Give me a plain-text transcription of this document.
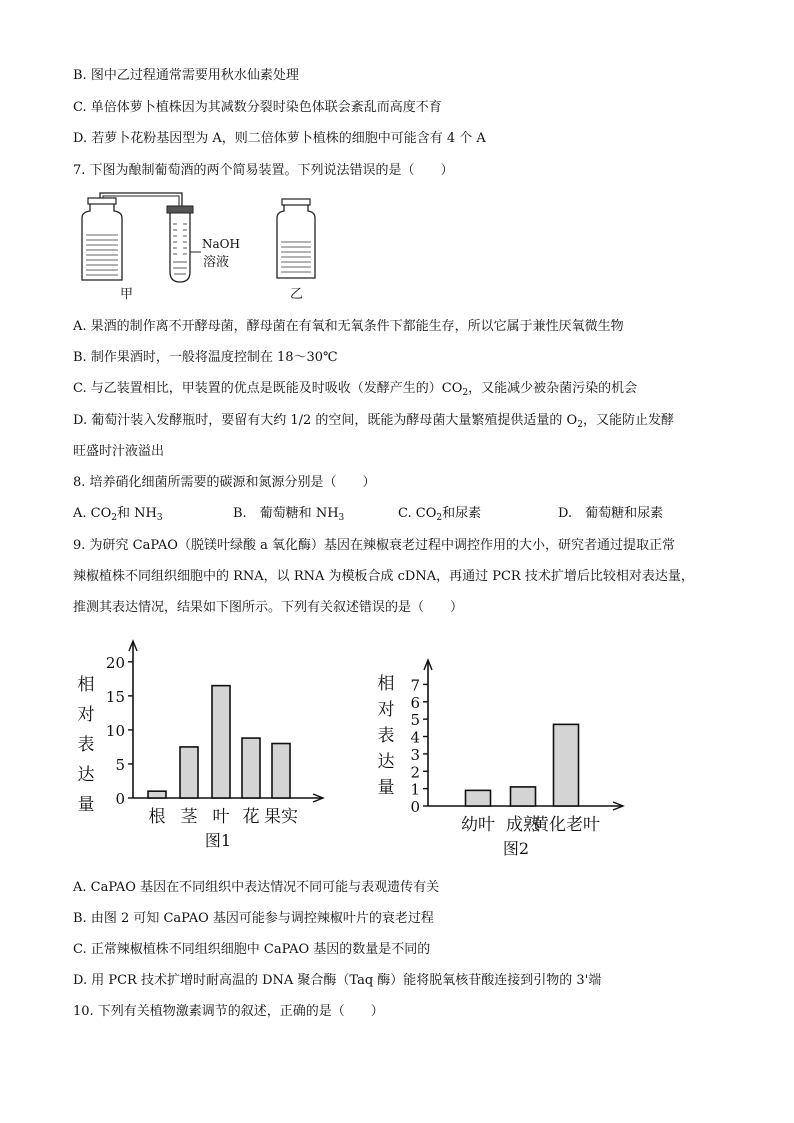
B. 图中乙过程通常需要用秋水仙素处理
C. 单倍体萝卜植株因为其减数分裂时染色体联会紊乱而高度不育
D. 若萝卜花粉基因型为 A，则二倍体萝卜植株的细胞中可能含有 4 个 A
7. 下图为酿制葡萄酒的两个简易装置。下列说法错误的是（　　）
NaOH
溶液
甲	乙
A. 果酒的制作离不开酵母菌，酵母菌在有氧和无氧条件下都能生存，所以它属于兼性厌氧微生物
B. 制作果酒时，一般将温度控制在 18～30℃
C. 与乙装置相比，甲装置的优点是既能及时吸收（发酵产生的）$CO_2$，又能减少被杂菌污染的机会
D. 葡萄汁装入发酵瓶时，要留有大约 1/2 的空间，既能为酵母菌大量繁殖提供适量的 $O_2$，又能防止发酵
旺盛时汁液溢出
8. 培养硝化细菌所需要的碳源和氮源分别是（　　）
A. $CO_2$和 $NH_3$	B.　葡萄糖和 $NH_3$	C. $CO_2$和尿素	D.　葡萄糖和尿素
9. 为研究 CaPAO（脱镁叶绿酸 a 氧化酶）基因在辣椒衰老过程中调控作用的大小，研究者通过提取正常
辣椒植株不同组织细胞中的 RNA，以 RNA 为模板合成 cDNA，再通过 PCR 技术扩增后比较相对表达量，
推测其表达情况，结果如下图所示。下列有关叙述错误的是（　　）
0
5
10
15
20
相
对
表
达
量
根 茎 叶 花 果实
图1
0
1
2
3
4
5
6
7
相
对
表
达
量
幼叶 成熟
黄化老叶
图2
A. CaPAO 基因在不同组织中表达情况不同可能与表观遗传有关
B. 由图 2 可知 CaPAO 基因可能参与调控辣椒叶片的衰老过程
C. 正常辣椒植株不同组织细胞中 CaPAO 基因的数量是不同的
D. 用 PCR 技术扩增时耐高温的 DNA 聚合酶（Taq 酶）能将脱氧核苷酸连接到引物的 3'端
10. 下列有关植物激素调节的叙述，正确的是（　　）
